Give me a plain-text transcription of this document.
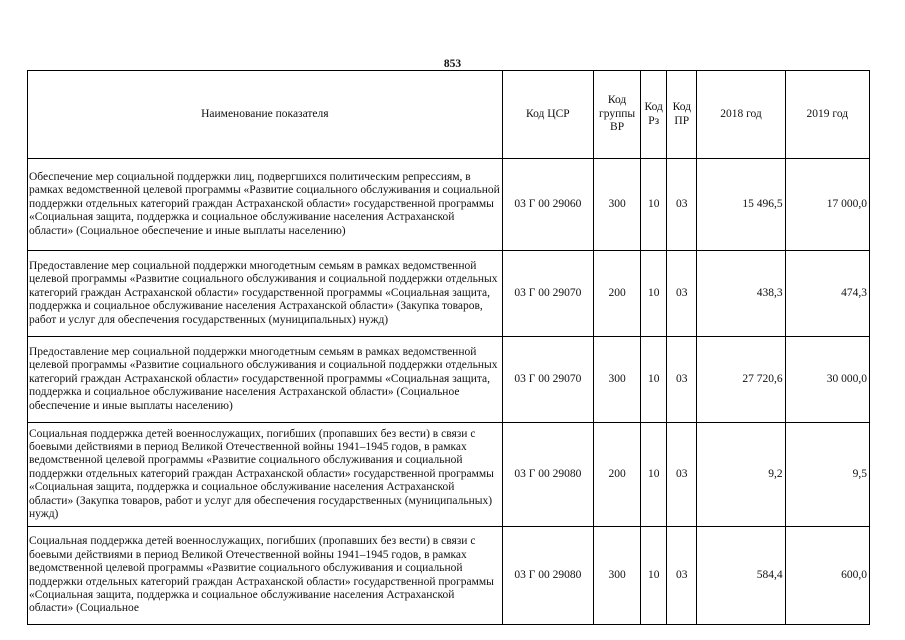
853
Наименование показателя	Код ЦСР	Код группы ВР	Код Рз	Код ПР	2018 год	2019 год
Обеспечение мер социальной поддержки лиц, подвергшихся политическим репрессиям, в рамках ведомственной целевой программы «Развитие социального обслуживания и социальной поддержки отдельных категорий граждан Астраханской области» государственной программы «Социальная защита, поддержка и социальное обслуживание населения Астраханской области» (Социальное обеспечение и иные выплаты населению)	03 Г 00 29060	300	10	03	15 496,5	17 000,0
Предоставление мер социальной поддержки многодетным семьям в рамках ведомственной целевой программы «Развитие социального обслуживания и социальной поддержки отдельных категорий граждан Астраханской области» государственной программы «Социальная защита, поддержка и социальное обслуживание населения Астраханской области» (Закупка товаров, работ и услуг для обеспечения государственных (муниципальных) нужд)	03 Г 00 29070	200	10	03	438,3	474,3
Предоставление мер социальной поддержки многодетным семьям в рамках ведомственной целевой программы «Развитие социального обслуживания и социальной поддержки отдельных категорий граждан Астраханской области» государственной программы «Социальная защита, поддержка и социальное обслуживание населения Астраханской области» (Социальное обеспечение и иные выплаты населению)	03 Г 00 29070	300	10	03	27 720,6	30 000,0
Социальная поддержка детей военнослужащих, погибших (пропавших без вести) в связи с боевыми действиями в период Великой Отечественной войны 1941–1945 годов, в рамках ведомственной целевой программы «Развитие социального обслуживания и социальной поддержки отдельных категорий граждан Астраханской области» государственной программы «Социальная защита, поддержка и социальное обслуживание населения Астраханской области» (Закупка товаров, работ и услуг для обеспечения государственных (муниципальных) нужд)	03 Г 00 29080	200	10	03	9,2	9,5
Социальная поддержка детей военнослужащих, погибших (пропавших без вести) в связи с боевыми действиями в период Великой Отечественной войны 1941–1945 годов, в рамках ведомственной целевой программы «Развитие социального обслуживания и социальной поддержки отдельных категорий граждан Астраханской области» государственной программы «Социальная защита, поддержка и социальное обслуживание населения Астраханской области» (Социальное	03 Г 00 29080	300	10	03	584,4	600,0
